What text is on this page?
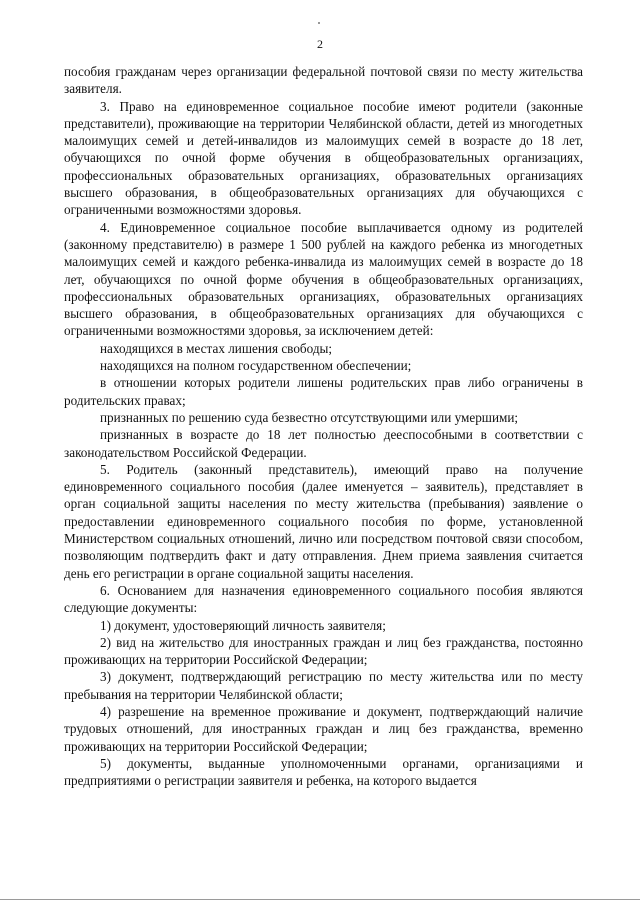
2

пособия гражданам через организации федеральной почтовой связи по месту жительства заявителя.

3. Право на единовременное социальное пособие имеют родители (законные представители), проживающие на территории Челябинской области, детей из многодетных малоимущих семей и детей-инвалидов из малоимущих семей в возрасте до 18 лет, обучающихся по очной форме обучения в общеобразовательных организациях, профессиональных образовательных организациях, образовательных организациях высшего образования, в общеобразовательных организациях для обучающихся с ограниченными возможностями здоровья.

4. Единовременное социальное пособие выплачивается одному из родителей (законному представителю) в размере 1 500 рублей на каждого ребенка из многодетных малоимущих семей и каждого ребенка-инвалида из малоимущих семей в возрасте до 18 лет, обучающихся по очной форме обучения в общеобразовательных организациях, профессиональных образовательных организациях, образовательных организациях высшего образования, в общеобразовательных организациях для обучающихся с ограниченными возможностями здоровья, за исключением детей:

находящихся в местах лишения свободы;

находящихся на полном государственном обеспечении;

в отношении которых родители лишены родительских прав либо ограничены в родительских правах;

признанных по решению суда безвестно отсутствующими или умершими;

признанных в возрасте до 18 лет полностью дееспособными в соответствии с законодательством Российской Федерации.

5. Родитель (законный представитель), имеющий право на получение единовременного социального пособия (далее именуется – заявитель), представляет в орган социальной защиты населения по месту жительства (пребывания) заявление о предоставлении единовременного социального пособия по форме, установленной Министерством социальных отношений, лично или посредством почтовой связи способом, позволяющим подтвердить факт и дату отправления. Днем приема заявления считается день его регистрации в органе социальной защиты населения.

6. Основанием для назначения единовременного социального пособия являются следующие документы:

1) документ, удостоверяющий личность заявителя;

2) вид на жительство для иностранных граждан и лиц без гражданства, постоянно проживающих на территории Российской Федерации;

3) документ, подтверждающий регистрацию по месту жительства или по месту пребывания на территории Челябинской области;

4) разрешение на временное проживание и документ, подтверждающий наличие трудовых отношений, для иностранных граждан и лиц без гражданства, временно проживающих на территории Российской Федерации;

5) документы, выданные уполномоченными органами, организациями и предприятиями о регистрации заявителя и ребенка, на которого выдается
